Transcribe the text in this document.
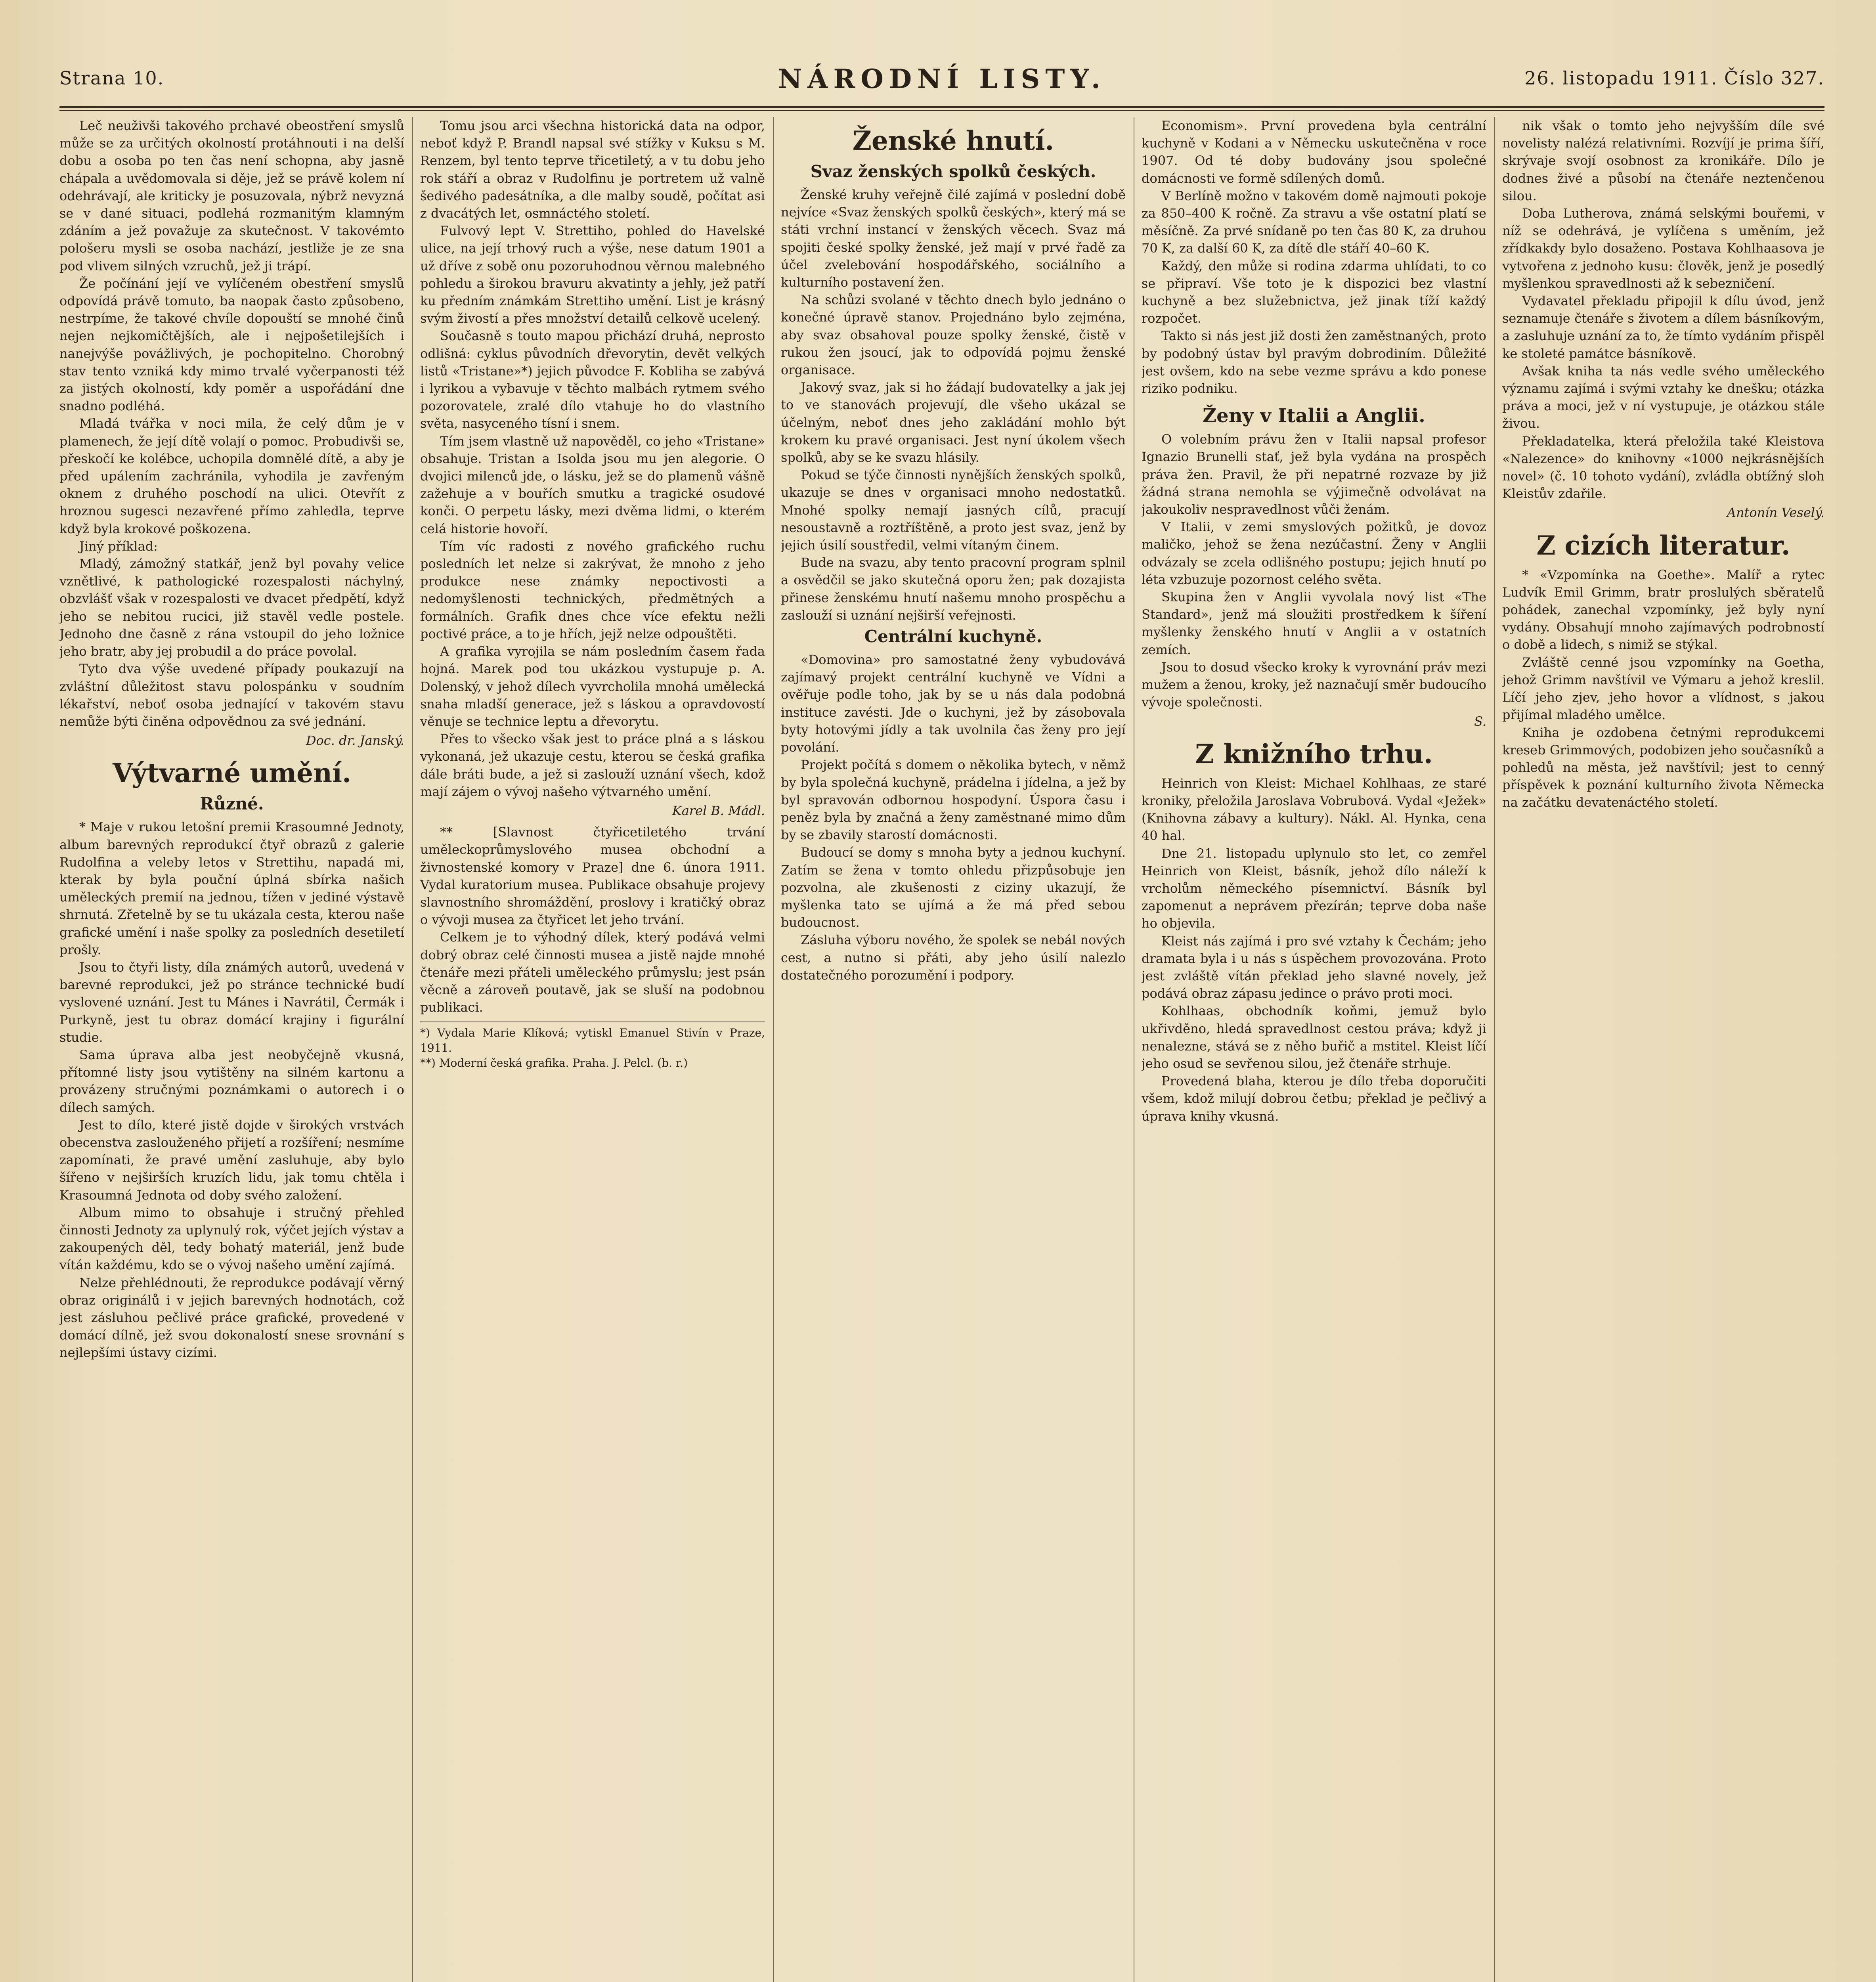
Strana 10.	NÁRODNÍ LISTY.	26. listopadu 1911. Číslo 327.

Leč neuživši takového prchavé obeostření smyslů může se za určitých okolností protáhnouti i na delší dobu a osoba po ten čas není schopna, aby jasně chápala a uvědomovala si děje, jež se právě kolem ní odehrávají, ale kriticky je posuzovala, nýbrž nevyzná se v dané situaci, podlehá rozmanitým klamným zdáním a jež považuje za skutečnost. V takovémto pološeru mysli se osoba nachází, jestliže je ze sna pod vlivem silných vzruchů, jež ji trápí.

Že počínání její ve vylíčeném obestření smyslů odpovídá právě tomuto, ba naopak často způsobeno, nestrpíme, že takové chvíle dopouští se mnohé činů nejen nejkomičtějších, ale i nejpošetilejších i nanejvýše povážlivých, je pochopitelno. Chorobný stav tento vzniká kdy mimo trvalé vyčerpanosti též za jistých okolností, kdy poměr a uspořádání dne snadno podléhá.

Mladá tvářka v noci mila, že celý dům je v plamenech, že její dítě volají o pomoc. Probudivši se, přeskočí ke kolébce, uchopila domnělé dítě, a aby je před upálením zachránila, vyhodila je zavřeným oknem z druhého poschodí na ulici. Otevřít z hroznou sugesci nezavřené přímo zahledla, teprve když byla krokové poškozena.

Jiný příklad:

Mladý, zámožný statkář, jenž byl povahy velice vznětlivé, k pathologické rozespalosti náchylný, obzvlášť však v rozespalosti ve dvacet předpětí, když jeho se nebitou rucici, již stavěl vedle postele. Jednoho dne časně z rána vstoupil do jeho ložnice jeho bratr, aby jej probudil a do práce povolal.

Tyto dva výše uvedené případy poukazují na zvláštní důležitost stavu polospánku v soudním lékařství, neboť osoba jednající v takovém stavu nemůže býti činěna odpovědnou za své jednání.

Doc. dr. Janský.
Výtvarné umění.
Různé.

* Maje v rukou letošní premii Krasoumné Jednoty, album barevných reprodukcí čtyř obrazů z galerie Rudolfina a veleby letos v Strettihu, napadá mi, kterak by byla pouční úplná sbírka našich uměleckých premií na jednou, tížen v jediné výstavě shrnutá. Zřetelně by se tu ukázala cesta, kterou naše grafické umění i naše spolky za posledních desetiletí prošly.

Jsou to čtyři listy, díla známých autorů, uvedená v barevné reprodukci, jež po stránce technické budí vyslovené uznání. Jest tu Mánes i Navrátil, Čermák i Purkyně, jest tu obraz domácí krajiny i figurální studie.

Sama úprava alba jest neobyčejně vkusná, přítomné listy jsou vytištěny na silném kartonu a provázeny stručnými poznámkami o autorech i o dílech samých.

Jest to dílo, které jistě dojde v širokých vrstvách obecenstva zaslouženého přijetí a rozšíření; nesmíme zapomínati, že pravé umění zasluhuje, aby bylo šířeno v nejširších kruzích lidu, jak tomu chtěla i Krasoumná Jednota od doby svého založení.

Album mimo to obsahuje i stručný přehled činnosti Jednoty za uplynulý rok, výčet jejích výstav a zakoupených děl, tedy bohatý materiál, jenž bude vítán každému, kdo se o vývoj našeho umění zajímá.

Nelze přehlédnouti, že reprodukce podávají věrný obraz originálů i v jejich barevných hodnotách, což jest zásluhou pečlivé práce grafické, provedené v domácí dílně, jež svou dokonalostí snese srovnání s nejlepšími ústavy cizími.

Tomu jsou arci všechna historická data na odpor, neboť když P. Brandl napsal své stížky v Kuksu s M. Renzem, byl tento teprve třicetiletý, a v tu dobu jeho rok stáří a obraz v Rudolfinu je portretem už valně šedivého padesátníka, a dle malby soudě, počítat asi z dvacátých let, osmnáctého století.

Fulvový lept V. Strettiho, pohled do Havelské ulice, na její trhový ruch a výše, nese datum 1901 a už dříve z sobě onu pozoruhodnou věrnou malebného pohledu a širokou bravuru akvatinty a jehly, jež patří ku předním známkám Strettiho umění. List je krásný svým živostí a přes množství detailů celkově ucelený.

Současně s touto mapou přichází druhá, neprosto odlišná: cyklus původních dřevorytin, devět velkých listů «Tristane»*) jejich původce F. Kobliha se zabývá i lyrikou a vybavuje v těchto malbách rytmem svého pozorovatele, zralé dílo vtahuje ho do vlastního světa, nasyceného tísní i snem.

Tím jsem vlastně už napověděl, co jeho «Tristane» obsahuje. Tristan a Isolda jsou mu jen alegorie. O dvojici milenců jde, o lásku, jež se do plamenů vášně zažehuje a v bouřích smutku a tragické osudové konči. O perpetu lásky, mezi dvěma lidmi, o kterém celá historie hovoří.

Tím víc radosti z nového grafického ruchu posledních let nelze si zakrývat, že mnoho z jeho produkce nese známky nepoctivosti a nedomyšlenosti technických, předmětných a formálních. Grafik dnes chce více efektu nežli poctivé práce, a to je hřích, jejž nelze odpouštěti.

A grafika vyrojila se nám posledním časem řada hojná. Marek pod tou ukázkou vystupuje p. A. Dolenský, v jehož dílech vyvrcholila mnohá umělecká snaha mladší generace, jež s láskou a opravdovostí věnuje se technice leptu a dřevorytu.

Přes to všecko však jest to práce plná a s láskou vykonaná, jež ukazuje cestu, kterou se česká grafika dále bráti bude, a jež si zaslouží uznání všech, kdož mají zájem o vývoj našeho výtvarného umění.

Karel B. Mádl.

** [Slavnost čtyřicetiletého trvání uměleckoprůmyslového musea obchodní a živnostenské komory v Praze] dne 6. února 1911. Vydal kuratorium musea. Publikace obsahuje projevy slavnostního shromáždění, proslovy i kratičký obraz o vývoji musea za čtyřicet let jeho trvání.

Celkem je to výhodný dílek, který podává velmi dobrý obraz celé činnosti musea a jistě najde mnohé čtenáře mezi přáteli uměleckého průmyslu; jest psán věcně a zároveň poutavě, jak se sluší na podobnou publikaci.

*) Vydala Marie Klíková; vytiskl Emanuel Stivín v Praze, 1911.
**) Moderní česká grafika. Praha. J. Pelcl. (b. r.)
Ženské hnutí.
Svaz ženských spolků českých.

Ženské kruhy veřejně čilé zajímá v poslední době nejvíce «Svaz ženských spolků českých», který má se státi vrchní instancí v ženských věcech. Svaz má spojiti české spolky ženské, jež mají v prvé řadě za účel zvelebování hospodářského, sociálního a kulturního postavení žen.

Na schůzi svolané v těchto dnech bylo jednáno o konečné úpravě stanov. Projednáno bylo zejména, aby svaz obsahoval pouze spolky ženské, čistě v rukou žen jsoucí, jak to odpovídá pojmu ženské organisace.

Jakový svaz, jak si ho žádají budovatelky a jak jej to ve stanovách projevují, dle všeho ukázal se účelným, neboť dnes jeho zakládání mohlo být krokem ku pravé organisaci. Jest nyní úkolem všech spolků, aby se ke svazu hlásily.

Pokud se týče činnosti nynějších ženských spolků, ukazuje se dnes v organisaci mnoho nedostatků. Mnohé spolky nemají jasných cílů, pracují nesoustavně a roztříštěně, a proto jest svaz, jenž by jejich úsilí soustředil, velmi vítaným činem.

Bude na svazu, aby tento pracovní program splnil a osvědčil se jako skutečná oporu žen; pak dozajista přinese ženskému hnutí našemu mnoho prospěchu a zaslouží si uznání nejširší veřejnosti.

Centrální kuchyně.

«Domovina» pro samostatné ženy vybudovává zajímavý projekt centrální kuchyně ve Vídni a ověřuje podle toho, jak by se u nás dala podobná instituce zavésti. Jde o kuchyni, jež by zásobovala byty hotovými jídly a tak uvolnila čas ženy pro její povolání.

Projekt počítá s domem o několika bytech, v němž by byla společná kuchyně, prádelna i jídelna, a jež by byl spravován odbornou hospodyní. Úspora času i peněz byla by značná a ženy zaměstnané mimo dům by se zbavily starostí domácnosti.

Budoucí se domy s mnoha byty a jednou kuchyní. Zatím se žena v tomto ohledu přizpůsobuje jen pozvolna, ale zkušenosti z ciziny ukazují, že myšlenka tato se ujímá a že má před sebou budoucnost.

Zásluha výboru nového, že spolek se nebál nových cest, a nutno si přáti, aby jeho úsilí nalezlo dostatečného porozumění i podpory.

Economism». První provedena byla centrální kuchyně v Kodani a v Německu uskutečněna v roce 1907. Od té doby budovány jsou společné domácnosti ve formě sdílených domů.

V Berlíně možno v takovém domě najmouti pokoje za 850–400 K ročně. Za stravu a vše ostatní platí se měsíčně. Za prvé snídaně po ten čas 80 K, za druhou 70 K, za další 60 K, za dítě dle stáří 40–60 K.

Každý, den může si rodina zdarma uhlídati, to co se připraví. Vše toto je k dispozici bez vlastní kuchyně a bez služebnictva, jež jinak tíží každý rozpočet.

Takto si nás jest již dosti žen zaměstnaných, proto by podobný ústav byl pravým dobrodiním. Důležité jest ovšem, kdo na sebe vezme správu a kdo ponese riziko podniku.

Ženy v Italii a Anglii.

O volebním právu žen v Italii napsal profesor Ignazio Brunelli stať, jež byla vydána na prospěch práva žen. Pravil, že při nepatrné rozvaze by již žádná strana nemohla se výjimečně odvolávat na jakoukoliv nespravedlnost vůči ženám.

V Italii, v zemi smyslových požitků, je dovoz maličko, jehož se žena nezúčastní. Ženy v Anglii odvázaly se zcela odlišného postupu; jejich hnutí po léta vzbuzuje pozornost celého světa.

Skupina žen v Anglii vyvolala nový list «The Standard», jenž má sloužiti prostředkem k šíření myšlenky ženského hnutí v Anglii a v ostatních zemích.

Jsou to dosud všecko kroky k vyrovnání práv mezi mužem a ženou, kroky, jež naznačují směr budoucího vývoje společnosti.

S.
Z knižního trhu.

Heinrich von Kleist: Michael Kohlhaas, ze staré kroniky, přeložila Jaroslava Vobrubová. Vydal «Ježek» (Knihovna zábavy a kultury). Nákl. Al. Hynka, cena 40 hal.

Dne 21. listopadu uplynulo sto let, co zemřel Heinrich von Kleist, básník, jehož dílo náleží k vrcholům německého písemnictví. Básník byl zapomenut a neprávem přezírán; teprve doba naše ho objevila.

Kleist nás zajímá i pro své vztahy k Čechám; jeho dramata byla i u nás s úspěchem provozována. Proto jest zvláště vítán překlad jeho slavné novely, jež podává obraz zápasu jedince o právo proti moci.

Kohlhaas, obchodník koňmi, jemuž bylo ukřivděno, hledá spravedlnost cestou práva; když ji nenalezne, stává se z něho buřič a mstitel. Kleist líčí jeho osud se sevřenou silou, jež čtenáře strhuje.

Provedená blaha, kterou je dílo třeba doporučiti všem, kdož milují dobrou četbu; překlad je pečlivý a úprava knihy vkusná.

nik však o tomto jeho nejvyšším díle své novelisty nalézá relativními. Rozvíjí je prima šíří, skrývaje svojí osobnost za kronikáře. Dílo je dodnes živé a působí na čtenáře neztenčenou silou.

Doba Lutherova, známá selskými bouřemi, v níž se odehrává, je vylíčena s uměním, jež zřídkakdy bylo dosaženo. Postava Kohlhaasova je vytvořena z jednoho kusu: člověk, jenž je posedlý myšlenkou spravedlnosti až k sebezničení.

Vydavatel překladu připojil k dílu úvod, jenž seznamuje čtenáře s životem a dílem básníkovým, a zasluhuje uznání za to, že tímto vydáním přispěl ke stoleté památce básníkově.

Avšak kniha ta nás vedle svého uměleckého významu zajímá i svými vztahy ke dnešku; otázka práva a moci, jež v ní vystupuje, je otázkou stále živou.

Překladatelka, která přeložila také Kleistova «Nalezence» do knihovny «1000 nejkrásnějších novel» (č. 10 tohoto vydání), zvládla obtížný sloh Kleistův zdařile.

Antonín Veselý.
Z cizích literatur.

* «Vzpomínka na Goethe». Malíř a rytec Ludvík Emil Grimm, bratr proslulých sběratelů pohádek, zanechal vzpomínky, jež byly nyní vydány. Obsahují mnoho zajímavých podrobností o době a lidech, s nimiž se stýkal.

Zvláště cenné jsou vzpomínky na Goetha, jehož Grimm navštívil ve Výmaru a jehož kreslil. Líčí jeho zjev, jeho hovor a vlídnost, s jakou přijímal mladého umělce.

Kniha je ozdobena četnými reprodukcemi kreseb Grimmových, podobizen jeho současníků a pohledů na města, jež navštívil; jest to cenný příspěvek k poznání kulturního života Německa na začátku devatenáctého století.
